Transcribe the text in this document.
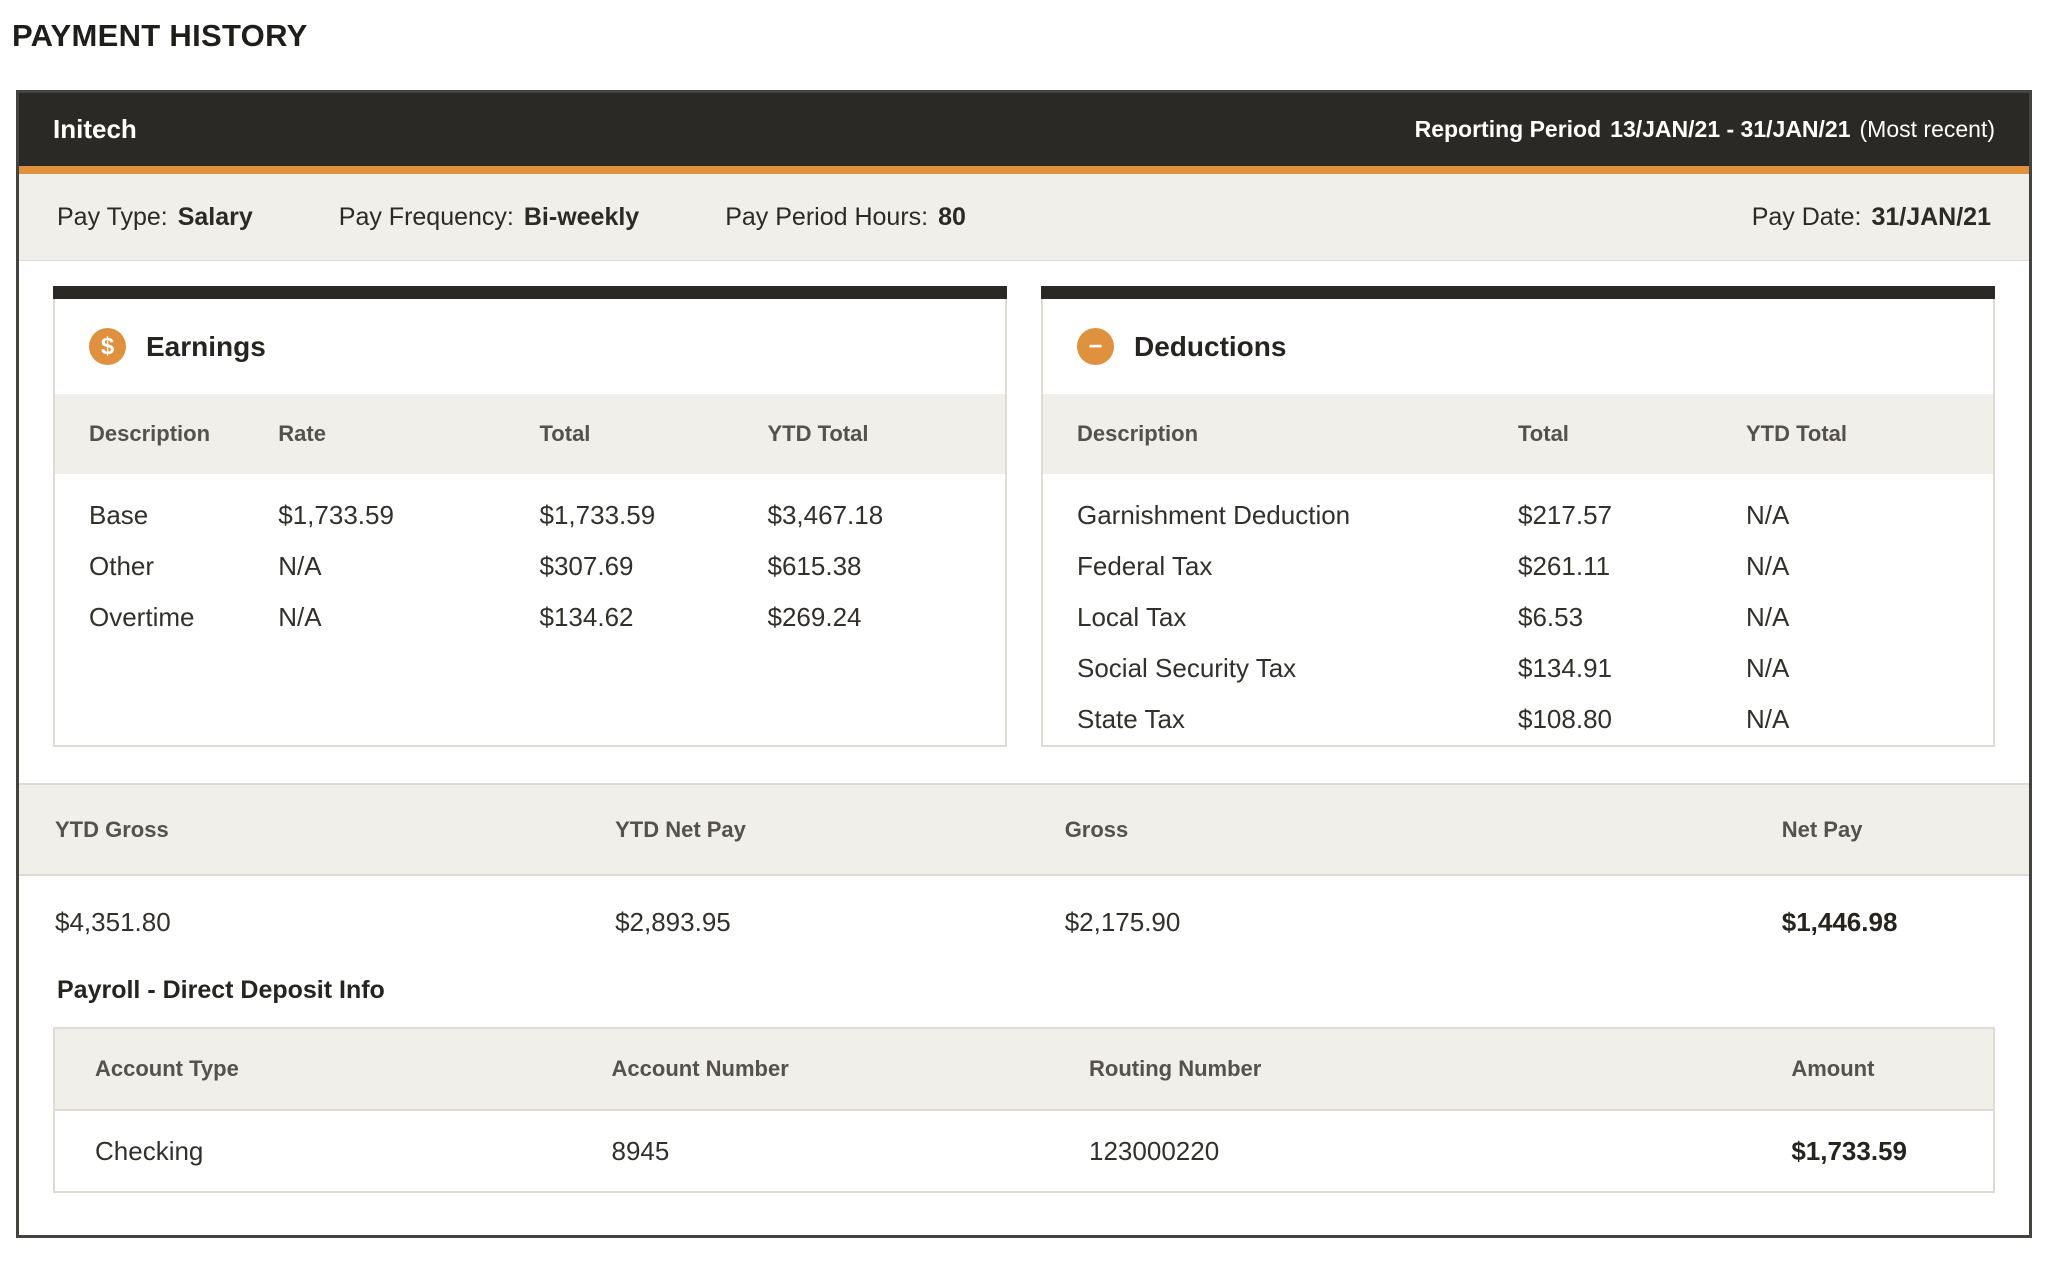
PAYMENT HISTORY
Initech	Reporting Period 13/JAN/21 - 31/JAN/21 (Most recent)
Pay Type: Salary	Pay Frequency: Bi-weekly	Pay Period Hours: 80	Pay Date: 31/JAN/21
$	Earnings
Description	Rate	Total	YTD Total
Base	$1,733.59	$1,733.59	$3,467.18
Other	N/A	$307.69	$615.38
Overtime	N/A	$134.62	$269.24
−	Deductions
Description	Total	YTD Total
Garnishment Deduction	$217.57	N/A
Federal Tax	$261.11	N/A
Local Tax	$6.53	N/A
Social Security Tax	$134.91	N/A
State Tax	$108.80	N/A
YTD Gross	YTD Net Pay	Gross	Net Pay
$4,351.80	$2,893.95	$2,175.90	$1,446.98
Payroll - Direct Deposit Info
Account Type	Account Number	Routing Number	Amount
Checking	8945	123000220	$1,733.59
